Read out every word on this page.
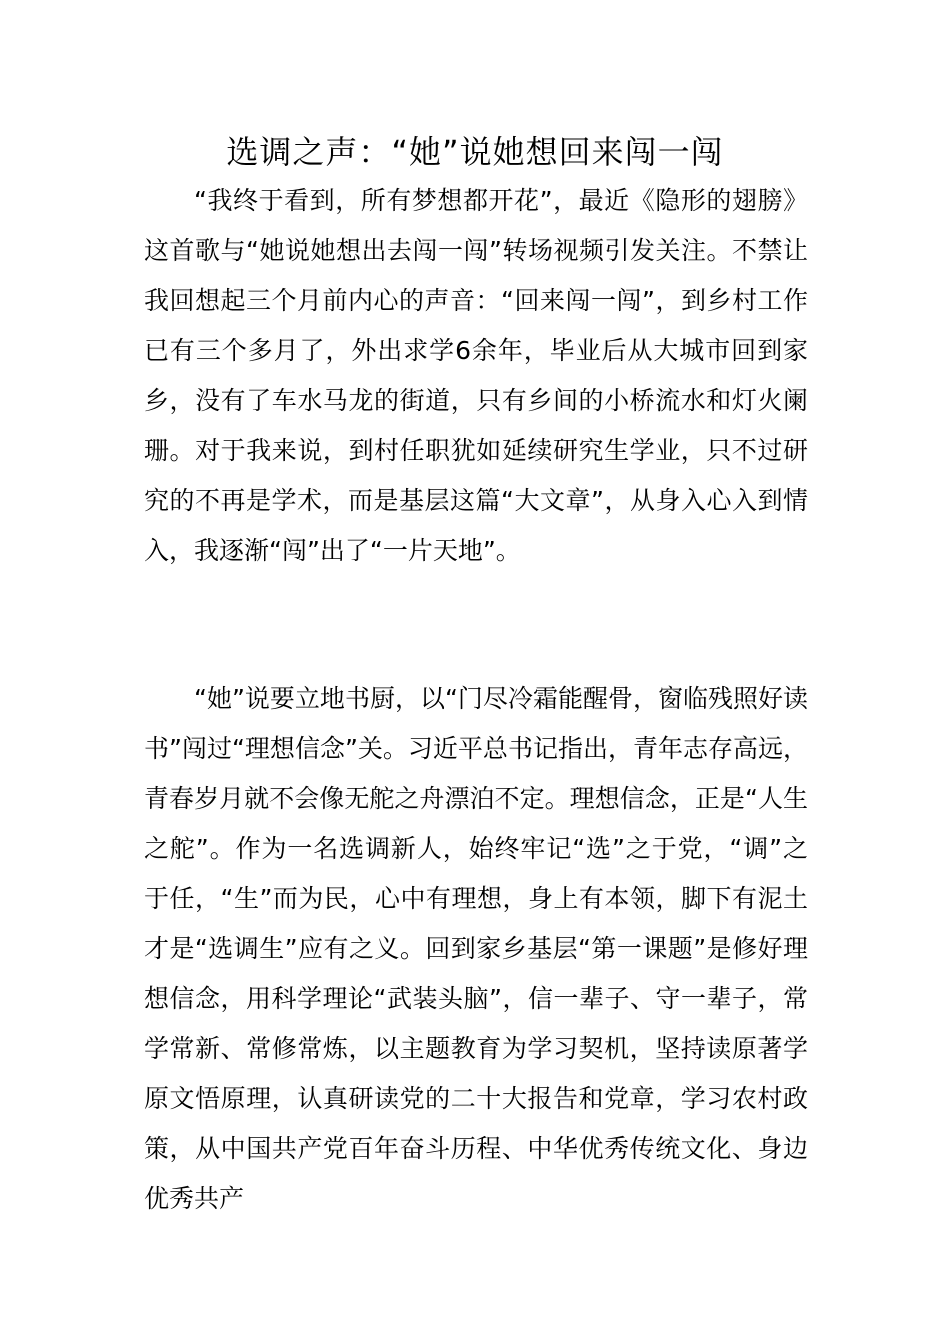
选调之声：“她”说她想回来闯一闯

“我终于看到，所有梦想都开花”，最近《隐形的翅膀》这首歌与“她说她想出去闯一闯”转场视频引发关注。不禁让我回想起三个月前内心的声音：“回来闯一闯”，到乡村工作已有三个多月了，外出求学6余年，毕业后从大城市回到家乡，没有了车水马龙的街道，只有乡间的小桥流水和灯火阑珊。对于我来说，到村任职犹如延续研究生学业，只不过研究的不再是学术，而是基层这篇“大文章”，从身入心入到情入，我逐渐“闯”出了“一片天地”。

“她”说要立地书厨，以“门尽冷霜能醒骨，窗临残照好读书”闯过“理想信念”关。习近平总书记指出，青年志存高远，青春岁月就不会像无舵之舟漂泊不定。理想信念，正是“人生之舵”。作为一名选调新人，始终牢记“选”之于党，“调”之于任，“生”而为民，心中有理想，身上有本领，脚下有泥土才是“选调生”应有之义。回到家乡基层“第一课题”是修好理想信念，用科学理论“武装头脑”，信一辈子、守一辈子，常学常新、常修常炼，以主题教育为学习契机，坚持读原著学原文悟原理，认真研读党的二十大报告和党章，学习农村政策，从中国共产党百年奋斗历程、中华优秀传统文化、身边优秀共产
